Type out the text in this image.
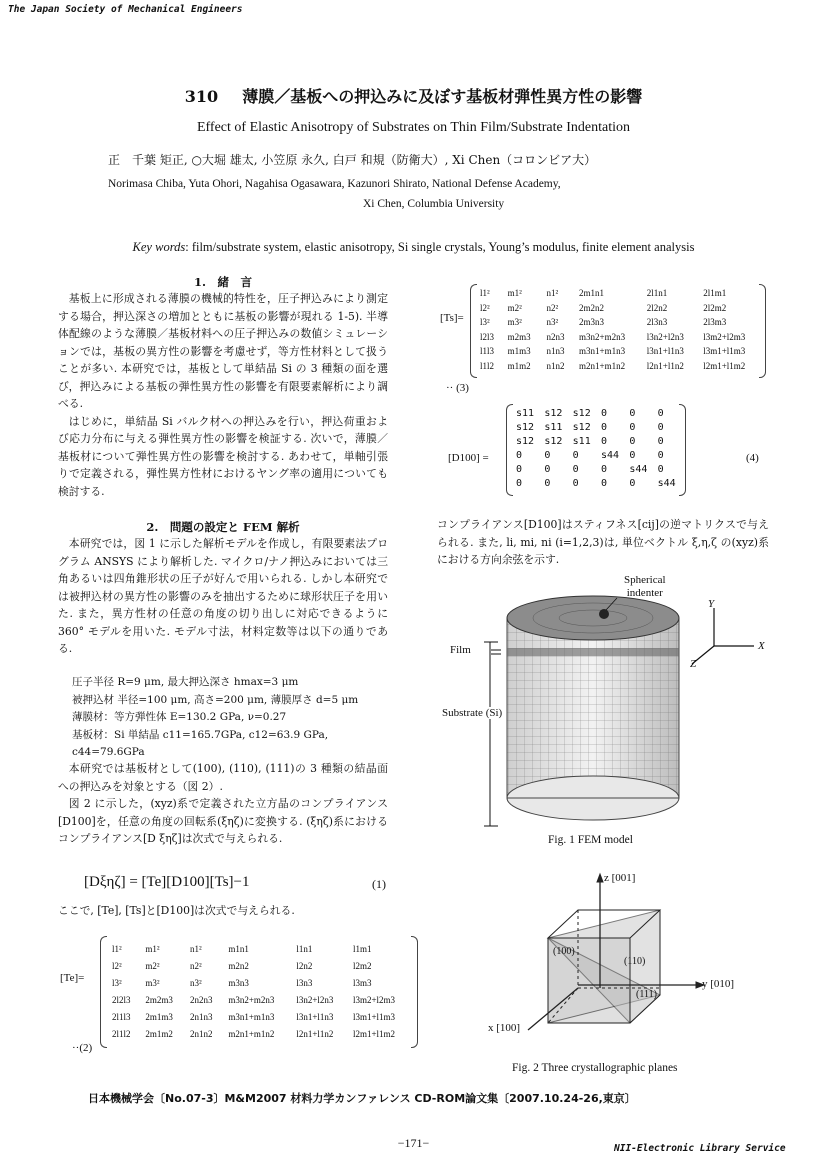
The Japan Society of Mechanical Engineers
310 薄膜／基板への押込みに及ぼす基板材弾性異方性の影響
Effect of Elastic Anisotropy of Substrates on Thin Film/Substrate Indentation
正　千葉 矩正, ○大堀 雄太, 小笠原 永久, 白戸 和規（防衛大）, Xi Chen（コロンビア大）
Norimasa Chiba, Yuta Ohori, Nagahisa Ogasawara, Kazunori Shirato, National Defense Academy,
Xi Chen, Columbia University
Key words: film/substrate system, elastic anisotropy, Si single crystals, Young’s modulus, finite element analysis
1.　緒　言

基板上に形成される薄膜の機械的特性を，圧子押込みにより測定する場合，押込深さの増加とともに基板の影響が現れる 1-5). 半導体配線のような薄膜／基板材料への圧子押込みの数値シミュレーションでは，基板の異方性の影響を考慮せず，等方性材料として扱うことが多い. 本研究では，基板として単結晶 Si の 3 種類の面を選び，押込みによる基板の弾性異方性の影響を有限要素解析により調べる.

はじめに，単結晶 Si バルク材への押込みを行い，押込荷重および応力分布に与える弾性異方性の影響を検証する. 次いで，薄膜／基板材について弾性異方性の影響を検討する. あわせて，単軸引張りで定義される，弾性異方性材におけるヤング率の適用についても検討する.

2.　問題の設定と FEM 解析

本研究では，図 1 に示した解析モデルを作成し，有限要素法プログラム ANSYS により解析した. マイクロ/ナノ押込みにおいては三角あるいは四角錐形状の圧子が好んで用いられる. しかし本研究では被押込材の異方性の影響のみを抽出するために球形状圧子を用いた. また，異方性材の任意の角度の切り出しに対応できるように 360° モデルを用いた. モデル寸法，材料定数等は以下の通りである.

圧子半径 R=9 μm, 最大押込深さ hmax=3 μm
被押込材 半径=100 μm, 高さ=200 μm, 薄膜厚さ d=5 μm
薄膜材：等方弾性体 E=130.2 GPa, ν=0.27
基板材：Si 単結晶 c11=165.7GPa, c12=63.9 GPa, c44=79.6GPa

本研究では基板材として(100), (110), (111)の 3 種類の結晶面への押込みを対象とする（図 2）.

図 2 に示した，(xyz)系で定義された立方晶のコンプライアンス[D100]を，任意の角度の回転系(ξηζ)に変換する. (ξηζ)系におけるコンプライアンス[D ξηζ]は次式で与えられる.

[Dξηζ] = [Te][D100][Ts]−1	(1)
ここで, [Te], [Ts]と[D100]は次式で与えられる.
[Te]=
l1²	m1²	n1²	m1n1	l1n1	l1m1
l2²	m2²	n2²	m2n2	l2n2	l2m2
l3²	m3²	n3²	m3n3	l3n3	l3m3
2l2l3	2m2m3	2n2n3	m3n2+m2n3	l3n2+l2n3	l3m2+l2m3
2l1l3	2m1m3	2n1n3	m3n1+m1n3	l3n1+l1n3	l3m1+l1m3
2l1l2	2m1m2	2n1n2	m2n1+m1n2	l2n1+l1n2	l2m1+l1m2
··(2)
[Ts]=
l1²	m1²	n1²	2m1n1	2l1n1	2l1m1
l2²	m2²	n2²	2m2n2	2l2n2	2l2m2
l3²	m3²	n3²	2m3n3	2l3n3	2l3m3
l2l3	m2m3	n2n3	m3n2+m2n3	l3n2+l2n3	l3m2+l2m3
l1l3	m1m3	n1n3	m3n1+m1n3	l3n1+l1n3	l3m1+l1m3
l1l2	m1m2	n1n2	m2n1+m1n2	l2n1+l1n2	l2m1+l1m2
·· (3)
[D100] =
s11	s12	s12	0	0	0
s12	s11	s12	0	0	0
s12	s12	s11	0	0	0
0	0	0	s44	0	0
0	0	0	0	s44	0
0	0	0	0	0	s44
(4)
コンプライアンス[D100]はスティフネス[cij]の逆マトリクスで与えられる. また, li, mi, ni (i=1,2,3)は, 単位ベクトル ξ,η,ζ の(xyz)系における方向余弦を示す.
Spherical
indenter
Film
Substrate (Si)
Y
X
Z
Fig. 1 FEM model
z [001]
y [010]
x [100]
(100)
(110)
(111)
Fig. 2 Three crystallographic planes
日本機械学会〔No.07-3〕M&M2007 材料力学カンファレンス CD-ROM論文集〔2007.10.24-26,東京〕
−171−	NII-Electronic Library Service
